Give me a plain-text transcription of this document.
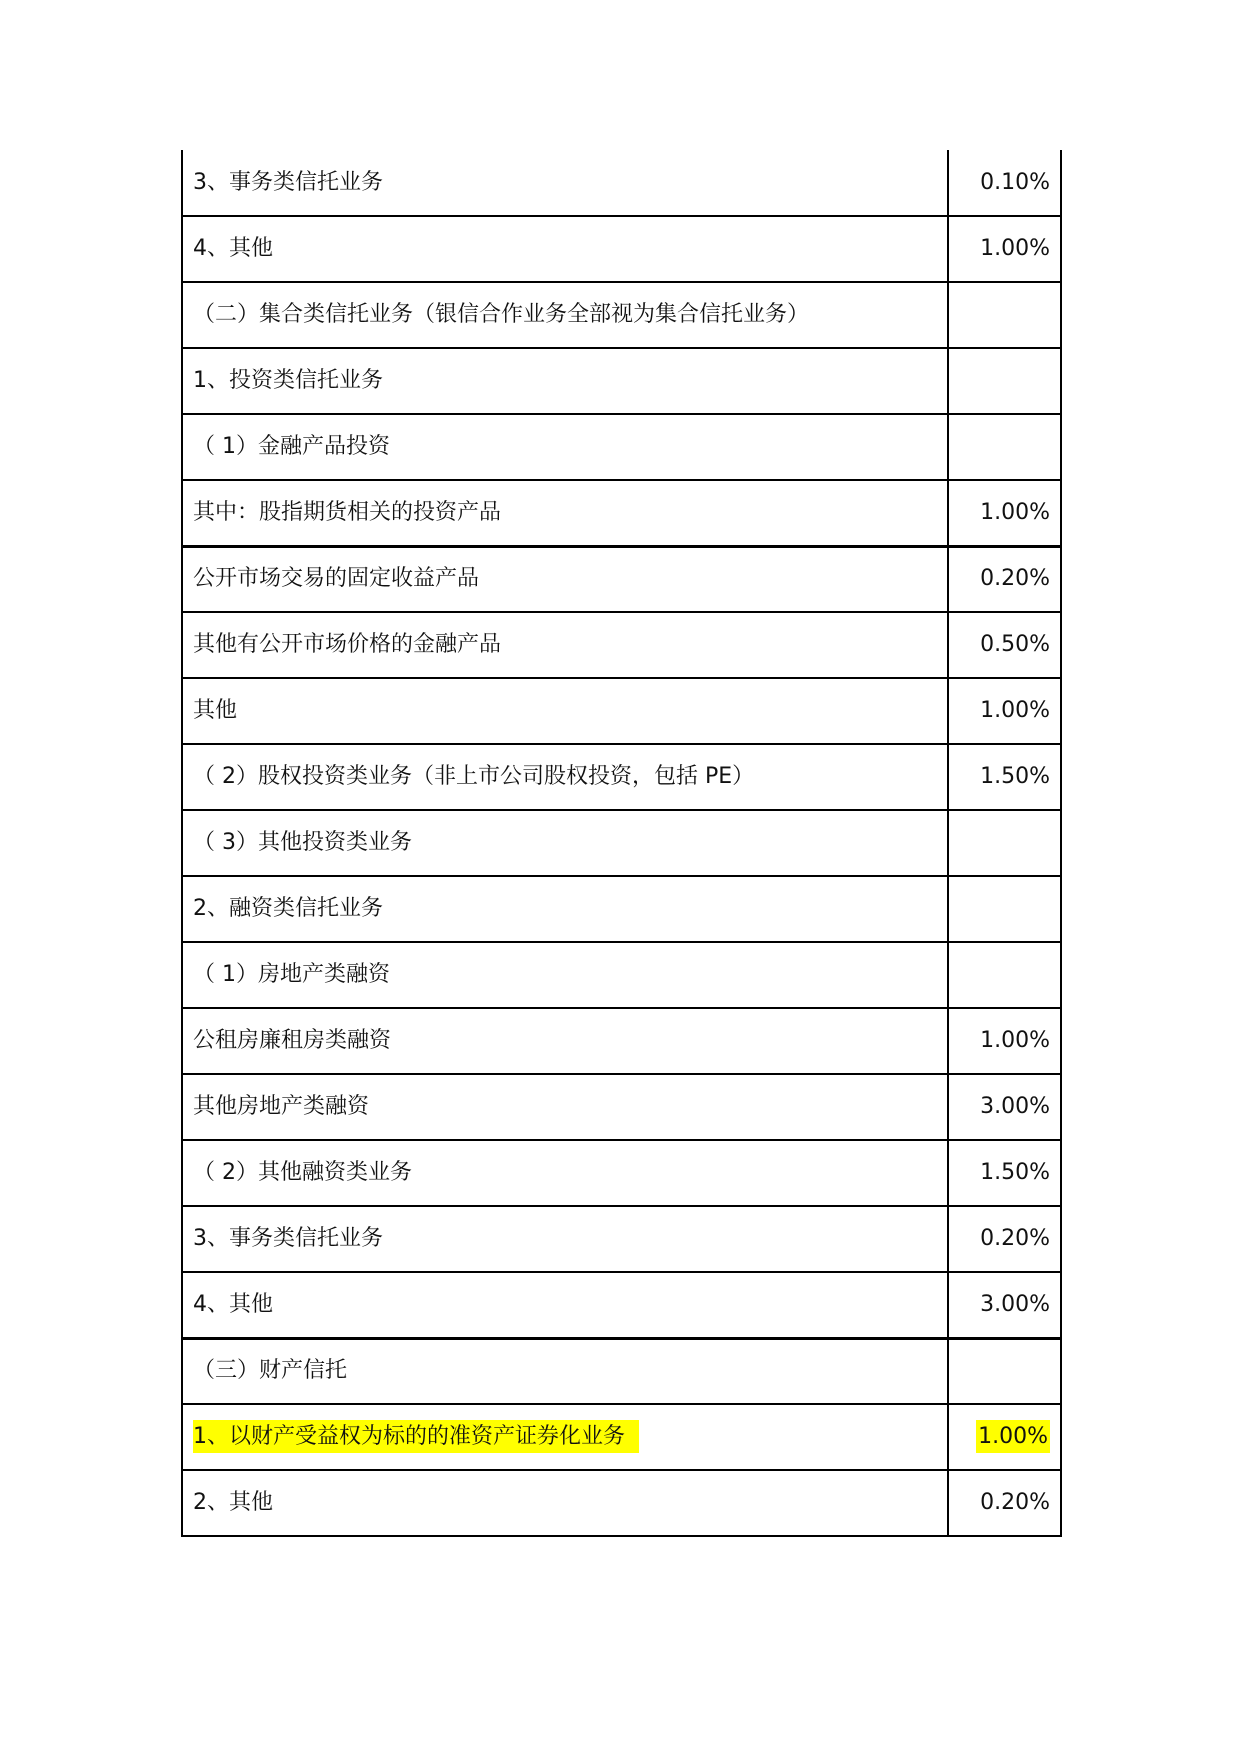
3、事务类信托业务	0.10%
4、其他	1.00%
（二）集合类信托业务（银信合作业务全部视为集合信托业务）	
1、投资类信托业务	
（ 1）金融产品投资	
其中：股指期货相关的投资产品	1.00%
公开市场交易的固定收益产品	0.20%
其他有公开市场价格的金融产品	0.50%
其他	1.00%
（ 2）股权投资类业务（非上市公司股权投资，包括 PE）	1.50%
（ 3）其他投资类业务	
2、融资类信托业务	
（ 1）房地产类融资	
公租房廉租房类融资	1.00%
其他房地产类融资	3.00%
（ 2）其他融资类业务	1.50%
3、事务类信托业务	0.20%
4、其他	3.00%
（三）财产信托	
1、以财产受益权为标的的准资产证券化业务	1.00%
2、其他	0.20%
